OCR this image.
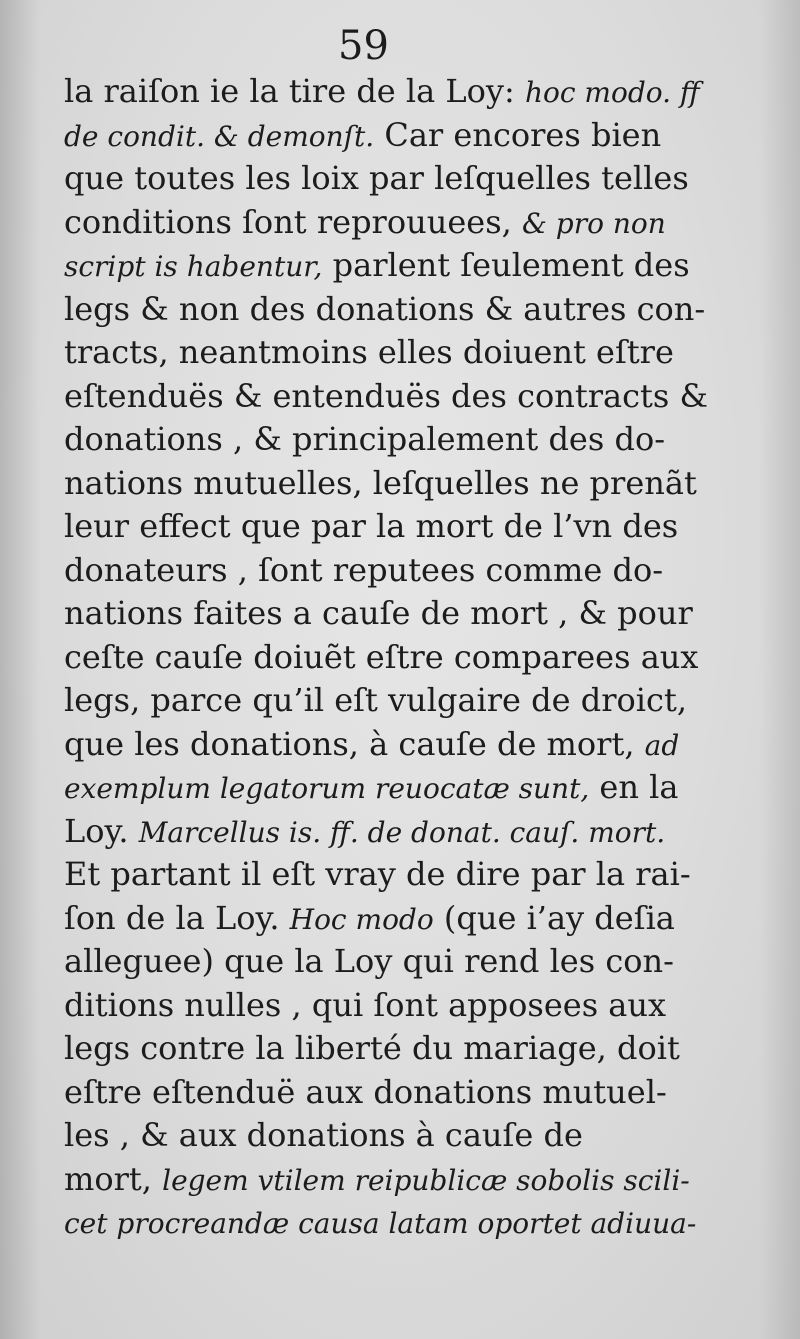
59
la raiſon ie la tire de la Loy: hoc modo. ff
de condit. & demonſt. Car encores bien
que toutes les loix par leſquelles telles
conditions ſont reprouuees, & pro non
script is habentur, parlent ſeulement des
legs & non des donations & autres con-
tracts, neantmoins elles doiuent eſtre
eſtenduës & entenduës des contracts &
donations , & principalement des do-
nations mutuelles, leſquelles ne prenãt
leur effect que par la mort de l’vn des
donateurs , ſont reputees comme do-
nations faites a cauſe de mort , & pour
ceſte cauſe doiuẽt eſtre comparees aux
legs, parce qu’il eſt vulgaire de droict,
que les donations, à cauſe de mort, ad
exemplum legatorum reuocatæ sunt, en la
Loy. Marcellus is. ff. de donat. cauſ. mort.
Et partant il eſt vray de dire par la rai-
ſon de la Loy. Hoc modo (que i’ay deſia
alleguee) que la Loy qui rend les con-
ditions nulles , qui ſont apposees aux
legs contre la liberté du mariage, doit
eſtre eſtenduë aux donations mutuel-
les , & aux donations à cauſe de
mort, legem vtilem reipublicæ sobolis scili-
cet procreandæ causa latam oportet adiuua-
